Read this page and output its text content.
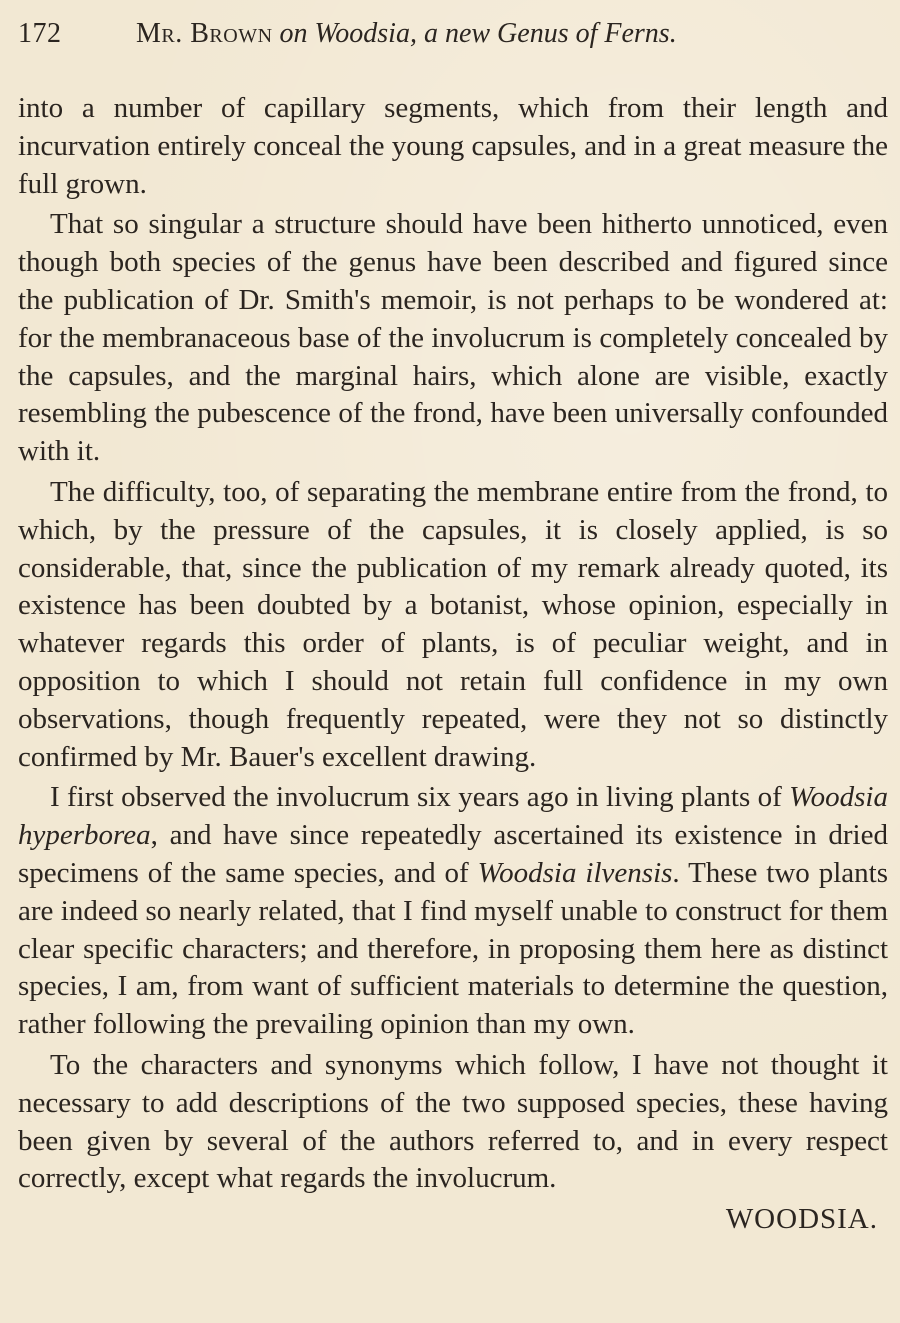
172	Mr. Brown on Woodsia, a new Genus of Ferns.

into a number of capillary segments, which from their length and incurvation entirely conceal the young capsules, and in a great measure the full grown.

That so singular a structure should have been hitherto unnoticed, even though both species of the genus have been described and figured since the publication of Dr. Smith's memoir, is not perhaps to be wondered at: for the membranaceous base of the involucrum is completely concealed by the capsules, and the marginal hairs, which alone are visible, exactly resembling the pubescence of the frond, have been universally confounded with it.

The difficulty, too, of separating the membrane entire from the frond, to which, by the pressure of the capsules, it is closely applied, is so considerable, that, since the publication of my remark already quoted, its existence has been doubted by a botanist, whose opinion, especially in whatever regards this order of plants, is of peculiar weight, and in opposition to which I should not retain full confidence in my own observations, though frequently repeated, were they not so distinctly confirmed by Mr. Bauer's excellent drawing.

I first observed the involucrum six years ago in living plants of Woodsia hyperborea, and have since repeatedly ascertained its existence in dried specimens of the same species, and of Woodsia ilvensis. These two plants are indeed so nearly related, that I find myself unable to construct for them clear specific characters; and therefore, in proposing them here as distinct species, I am, from want of sufficient materials to determine the question, rather following the prevailing opinion than my own.

To the characters and synonyms which follow, I have not thought it necessary to add descriptions of the two supposed species, these having been given by several of the authors referred to, and in every respect correctly, except what regards the involucrum.

WOODSIA.
